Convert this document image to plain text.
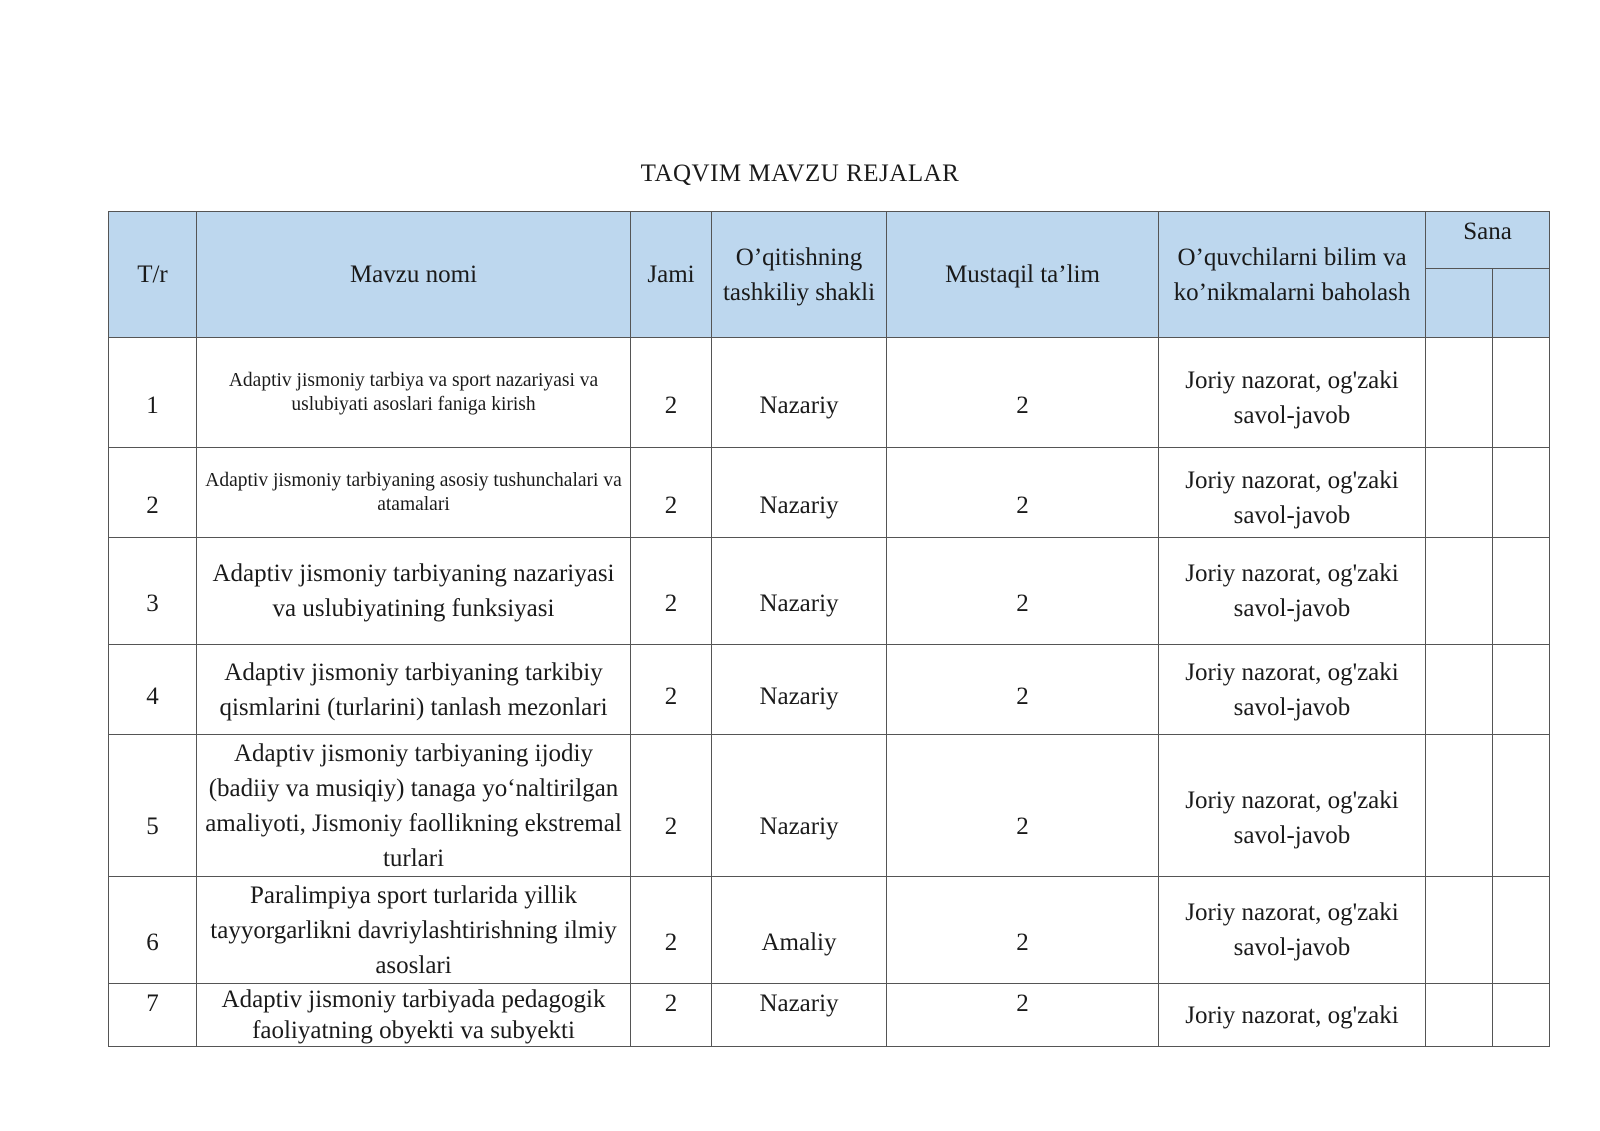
TAQVIM MAVZU REJALAR
T/r	Mavzu nomi	Jami	O’qitishning tashkiliy shakli	Mustaqil ta’lim	O’quvchilarni bilim va ko’nikmalarni baholash	Sana	

1	Adaptiv jismoniy tarbiya va sport nazariyasi va uslubiyati asoslari faniga kirish	2	Nazariy	2	Joriy nazorat, og'zaki savol-javob		
2	Adaptiv jismoniy tarbiyaning asosiy tushunchalari va atamalari	2	Nazariy	2	Joriy nazorat, og'zaki savol-javob		
3	Adaptiv jismoniy tarbiyaning nazariyasi va uslubiyatining funksiyasi	2	Nazariy	2	Joriy nazorat, og'zaki savol-javob		
4	Adaptiv jismoniy tarbiyaning tarkibiy qismlarini (turlarini) tanlash mezonlari	2	Nazariy	2	Joriy nazorat, og'zaki savol-javob		
5	Adaptiv jismoniy tarbiyaning ijodiy (badiiy va musiqiy) tanaga yo‘naltirilgan amaliyoti, Jismoniy faollikning ekstremal turlari	2	Nazariy	2	Joriy nazorat, og'zaki savol-javob		
6	Paralimpiya sport turlarida yillik tayyorgarlikni davriylashtirishning ilmiy asoslari	2	Amaliy	2	Joriy nazorat, og'zaki savol-javob		
7	Adaptiv jismoniy tarbiyada pedagogik faoliyatning obyekti va subyekti	2	Nazariy	2	Joriy nazorat, og'zaki		
